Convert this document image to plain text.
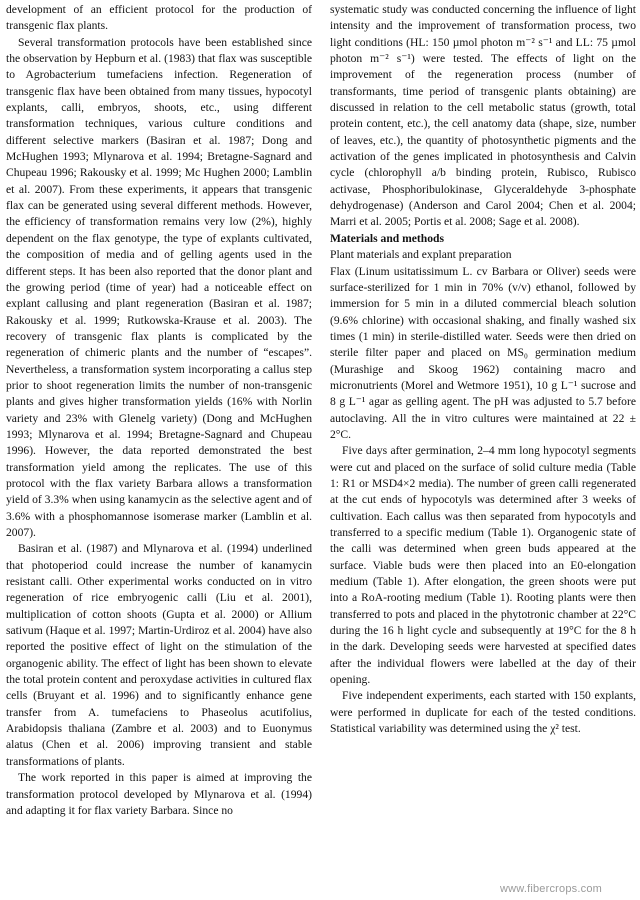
development of an efficient protocol for the production of transgenic flax plants.

Several transformation protocols have been established since the observation by Hepburn et al. (1983) that flax was susceptible to Agrobacterium tumefaciens infection. Regeneration of transgenic flax have been obtained from many tissues, hypocotyl explants, calli, embryos, shoots, etc., using different transformation techniques, various culture conditions and different selective markers (Basiran et al. 1987; Dong and McHughen 1993; Mlynarova et al. 1994; Bretagne-Sagnard and Chupeau 1996; Rakousky et al. 1999; Mc Hughen 2000; Lamblin et al. 2007). From these experiments, it appears that transgenic flax can be generated using several different methods. However, the efficiency of transformation remains very low (2%), highly dependent on the flax genotype, the type of explants cultivated, the composition of media and of gelling agents used in the different steps. It has been also reported that the donor plant and the growing period (time of year) had a noticeable effect on explant callusing and plant regeneration (Basiran et al. 1987; Rakousky et al. 1999; Rutkowska-Krause et al. 2003). The recovery of transgenic flax plants is complicated by the regeneration of chimeric plants and the number of “escapes”. Nevertheless, a transformation system incorporating a callus step prior to shoot regeneration limits the number of non-transgenic plants and gives higher transformation yields (16% with Norlin variety and 23% with Glenelg variety) (Dong and McHughen 1993; Mlynarova et al. 1994; Bretagne-Sagnard and Chupeau 1996). However, the data reported demonstrated the best transformation yield among the replicates. The use of this protocol with the flax variety Barbara allows a transformation yield of 3.3% when using kanamycin as the selective agent and of 3.6% with a phosphomannose isomerase marker (Lamblin et al. 2007).

Basiran et al. (1987) and Mlynarova et al. (1994) underlined that photoperiod could increase the number of kanamycin resistant calli. Other experimental works conducted on in vitro regeneration of rice embryogenic calli (Liu et al. 2001), multiplication of cotton shoots (Gupta et al. 2000) or Allium sativum (Haque et al. 1997; Martin-Urdiroz et al. 2004) have also reported the positive effect of light on the stimulation of the organogenic ability. The effect of light has been shown to elevate the total protein content and peroxydase activities in cultured flax cells (Bruyant et al. 1996) and to significantly enhance gene transfer from A. tumefaciens to Phaseolus acutifolius, Arabidopsis thaliana (Zambre et al. 2003) and to Euonymus alatus (Chen et al. 2006) improving transient and stable transformations of plants.

The work reported in this paper is aimed at improving the transformation protocol developed by Mlynarova et al. (1994) and adapting it for flax variety Barbara. Since no

systematic study was conducted concerning the influence of light intensity and the improvement of transformation process, two light conditions (HL: 150 µmol photon m⁻² s⁻¹ and LL: 75 µmol photon m⁻² s⁻¹) were tested. The effects of light on the improvement of the regeneration process (number of transformants, time period of transgenic plants obtaining) are discussed in relation to the cell metabolic status (growth, total protein content, etc.), the cell anatomy data (shape, size, number of leaves, etc.), the quantity of photosynthetic pigments and the activation of the genes implicated in photosynthesis and Calvin cycle (chlorophyll a/b binding protein, Rubisco, Rubisco activase, Phosphoribulokinase, Glyceraldehyde 3-phosphate dehydrogenase) (Anderson and Carol 2004; Chen et al. 2004; Marri et al. 2005; Portis et al. 2008; Sage et al. 2008).

Materials and methods

Plant materials and explant preparation

Flax (Linum usitatissimum L. cv Barbara or Oliver) seeds were surface-sterilized for 1 min in 70% (v/v) ethanol, followed by immersion for 5 min in a diluted commercial bleach solution (9.6% chlorine) with occasional shaking, and finally washed six times (1 min) in sterile-distilled water. Seeds were then dried on sterile filter paper and placed on MS₀ germination medium (Murashige and Skoog 1962) containing macro and micronutrients (Morel and Wetmore 1951), 10 g L⁻¹ sucrose and 8 g L⁻¹ agar as gelling agent. The pH was adjusted to 5.7 before autoclaving. All the in vitro cultures were maintained at 22 ± 2°C.

Five days after germination, 2–4 mm long hypocotyl segments were cut and placed on the surface of solid culture media (Table 1: R1 or MSD4×2 media). The number of green calli regenerated at the cut ends of hypocotyls was determined after 3 weeks of cultivation. Each callus was then separated from hypocotyls and transferred to a specific medium (Table 1). Organogenic state of the calli was determined when green buds appeared at the surface. Viable buds were then placed into an E0-elongation medium (Table 1). After elongation, the green shoots were put into a RoA-rooting medium (Table 1). Rooting plants were then transferred to pots and placed in the phytotronic chamber at 22°C during the 16 h light cycle and subsequently at 19°C for the 8 h in the dark. Developing seeds were harvested at specified dates after the individual flowers were labelled at the day of their opening.

Five independent experiments, each started with 150 explants, were performed in duplicate for each of the tested conditions. Statistical variability was determined using the χ² test.

www.fibercrops.com
